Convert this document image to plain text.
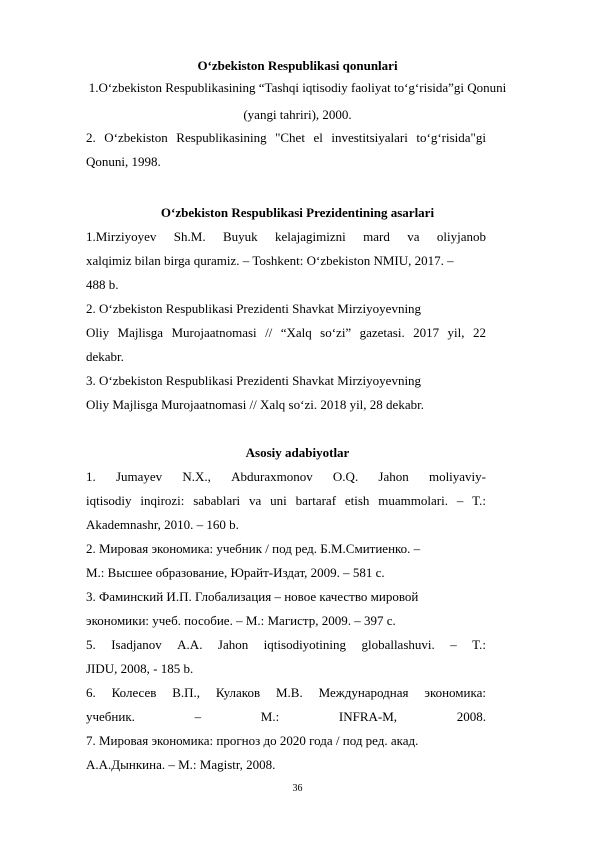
O‘zbekiston Respublikasi qonunlari
1.O‘zbekiston Respublikasining “Tashqi iqtisodiy faoliyat to‘g‘risida”gi Qonuni
(yangi tahriri), 2000.
2. O‘zbekiston Respublikasining "Chet el investitsiyalari to‘g‘risida"gi
Qonuni, 1998.
O‘zbekiston Respublikasi Prezidentining asarlari
1.Mirziyoyev Sh.M. Buyuk kelajagimizni mard va oliyjanob
xalqimiz bilan birga quramiz. – Toshkent: O‘zbekiston NMIU, 2017. –
488 b.
2. O‘zbekiston Respublikasi Prezidenti Shavkat Mirziyoyevning
Oliy Majlisga Murojaatnomasi // “Xalq so‘zi” gazetasi. 2017 yil, 22
dekabr.
3. O‘zbekiston Respublikasi Prezidenti Shavkat Mirziyoyevning
Oliy Majlisga Murojaatnomasi // Xalq so‘zi. 2018 yil, 28 dekabr.
Asosiy adabiyotlar
1. Jumayev N.X., Abduraxmonov O.Q. Jahon moliyaviy-
iqtisodiy inqirozi: sabablari va uni bartaraf etish muammolari. – T.:
Akademnashr, 2010. – 160 b.
2. Мировая экономика: учебник / под ред. Б.М.Смитиенко. –
М.: Высшее образование, Юрайт-Издат, 2009. – 581 с.
3. Фаминский И.П. Глобализация – новое качество мировой
экономики: учеб. пособие. – М.: Магистр, 2009. – 397 с.
5. Isadjanov A.A. Jahon iqtisodiyotining globallashuvi. – T.:
JIDU, 2008, - 185 b.
6. Колесев В.П., Кулаков М.В. Международная экономика:
учебник.	–	М.:	INFRA-M,	2008.
7. Мировая экономика: прогноз до 2020 года / под ред. акад.
А.А.Дынкина. – М.: Magistr, 2008.
36
